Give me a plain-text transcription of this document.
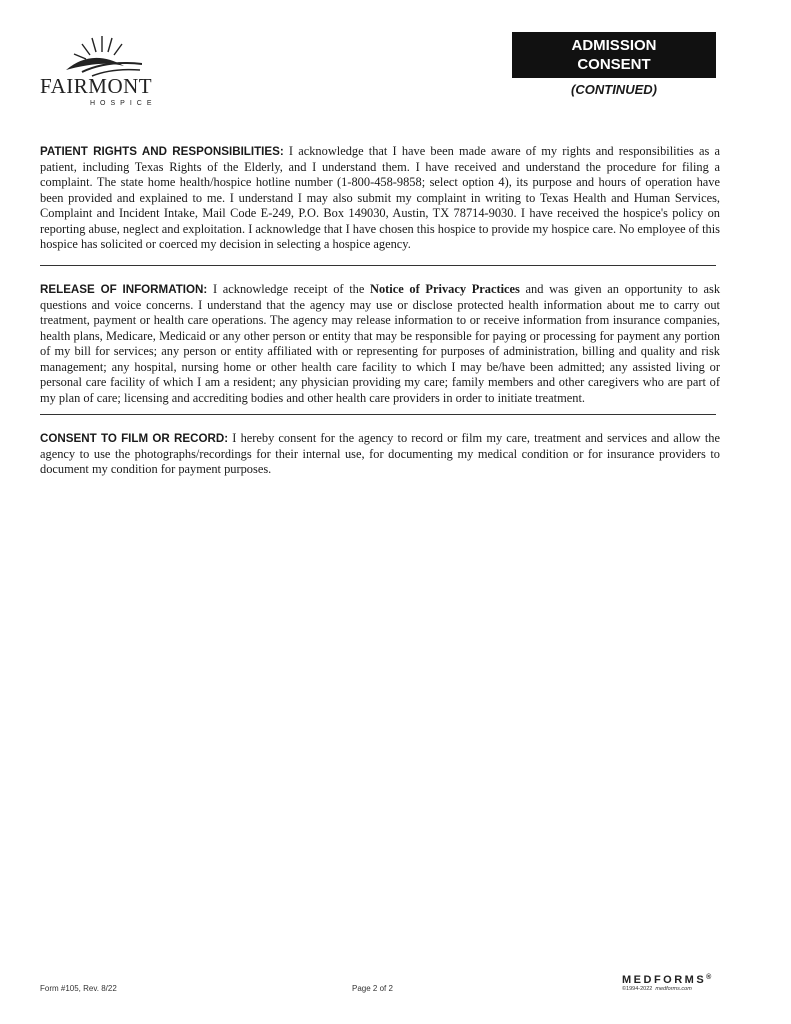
FAIRMONT
HOSPICE
ADMISSION
CONSENT
(CONTINUED)
PATIENT RIGHTS AND RESPONSIBILITIES: I acknowledge that I have been made aware of my rights and responsibilities as a patient, including Texas Rights of the Elderly, and I understand them. I have received and understand the procedure for filing a complaint. The state home health/hospice hotline number (1-800-458-9858; select option 4), its purpose and hours of operation have been provided and explained to me. I understand I may also submit my complaint in writing to Texas Health and Human Services, Complaint and Incident Intake, Mail Code E-249, P.O. Box 149030, Austin, TX 78714-9030. I have received the hospice's policy on reporting abuse, neglect and exploitation. I acknowledge that I have chosen this hospice to provide my hospice care. No employee of this hospice has solicited or coerced my decision in selecting a hospice agency.
RELEASE OF INFORMATION: I acknowledge receipt of the Notice of Privacy Practices and was given an opportunity to ask questions and voice concerns. I understand that the agency may use or disclose protected health information about me to carry out treatment, payment or health care operations. The agency may release information to or receive information from insurance companies, health plans, Medicare, Medicaid or any other person or entity that may be responsible for paying or processing for payment any portion of my bill for services; any person or entity affiliated with or representing for purposes of administration, billing and quality and risk management; any hospital, nursing home or other health care facility to which I may be/have been admitted; any assisted living or personal care facility of which I am a resident; any physician providing my care; family members and other caregivers who are part of my plan of care; licensing and accrediting bodies and other health care providers in order to initiate treatment.
CONSENT TO FILM OR RECORD: I hereby consent for the agency to record or film my care, treatment and services and allow the agency to use the photographs/recordings for their internal use, for documenting my medical condition or for insurance providers to document my condition for payment purposes.
Form #105, Rev. 8/22	Page 2 of 2
MEDFORMS®
©1994-2022 medforms.com
